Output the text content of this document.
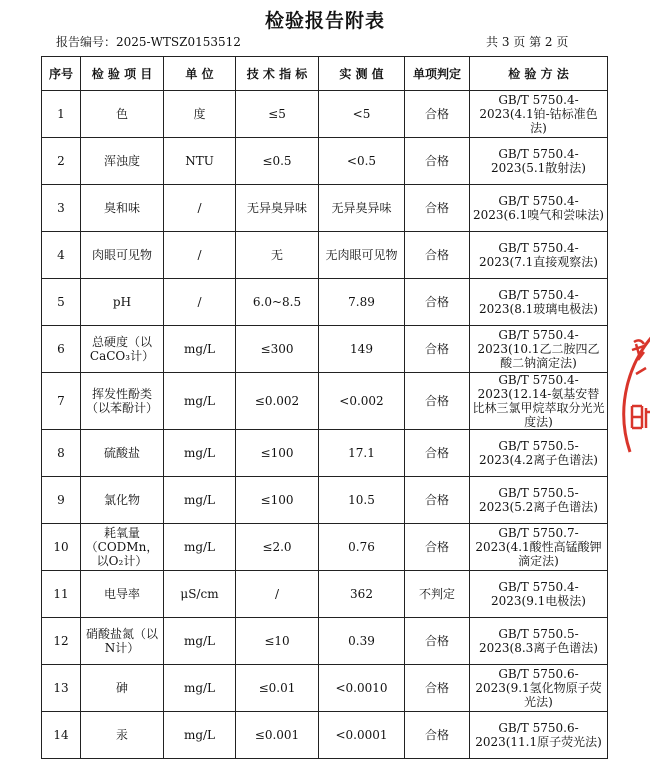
检验报告附表
报告编号：2025-WTSZ0153512	共 3 页 第 2 页
序号	检 验 项 目	单 位	技 术 指 标	实 测 值	单项判定	检 验 方 法
1	色	度	≤5	<5	合格	GB/T 5750.4-2023(4.1铂-钴标准色法)
2	浑浊度	NTU	≤0.5	<0.5	合格	GB/T 5750.4-2023(5.1散射法)
3	臭和味	/	无异臭异味	无异臭异味	合格	GB/T 5750.4-2023(6.1嗅气和尝味法)
4	肉眼可见物	/	无	无肉眼可见物	合格	GB/T 5750.4-2023(7.1直接观察法)
5	pH	/	6.0~8.5	7.89	合格	GB/T 5750.4-2023(8.1玻璃电极法)
6	总硬度（以CaCO₃计）	mg/L	≤300	149	合格	GB/T 5750.4-2023(10.1乙二胺四乙酸二钠滴定法)
7	挥发性酚类（以苯酚计）	mg/L	≤0.002	<0.002	合格	GB/T 5750.4-2023(12.14-氨基安替比林三氯甲烷萃取分光光度法)
8	硫酸盐	mg/L	≤100	17.1	合格	GB/T 5750.5-2023(4.2离子色谱法)
9	氯化物	mg/L	≤100	10.5	合格	GB/T 5750.5-2023(5.2离子色谱法)
10	耗氧量（CODMn，以O₂计）	mg/L	≤2.0	0.76	合格	GB/T 5750.7-2023(4.1酸性高锰酸钾滴定法)
11	电导率	μS/cm	/	362	不判定	GB/T 5750.4-2023(9.1电极法)
12	硝酸盐氮（以N计）	mg/L	≤10	0.39	合格	GB/T 5750.5-2023(8.3离子色谱法)
13	砷	mg/L	≤0.01	<0.0010	合格	GB/T 5750.6-2023(9.1氢化物原子荧光法)
14	汞	mg/L	≤0.001	<0.0001	合格	GB/T 5750.6-2023(11.1原子荧光法)
